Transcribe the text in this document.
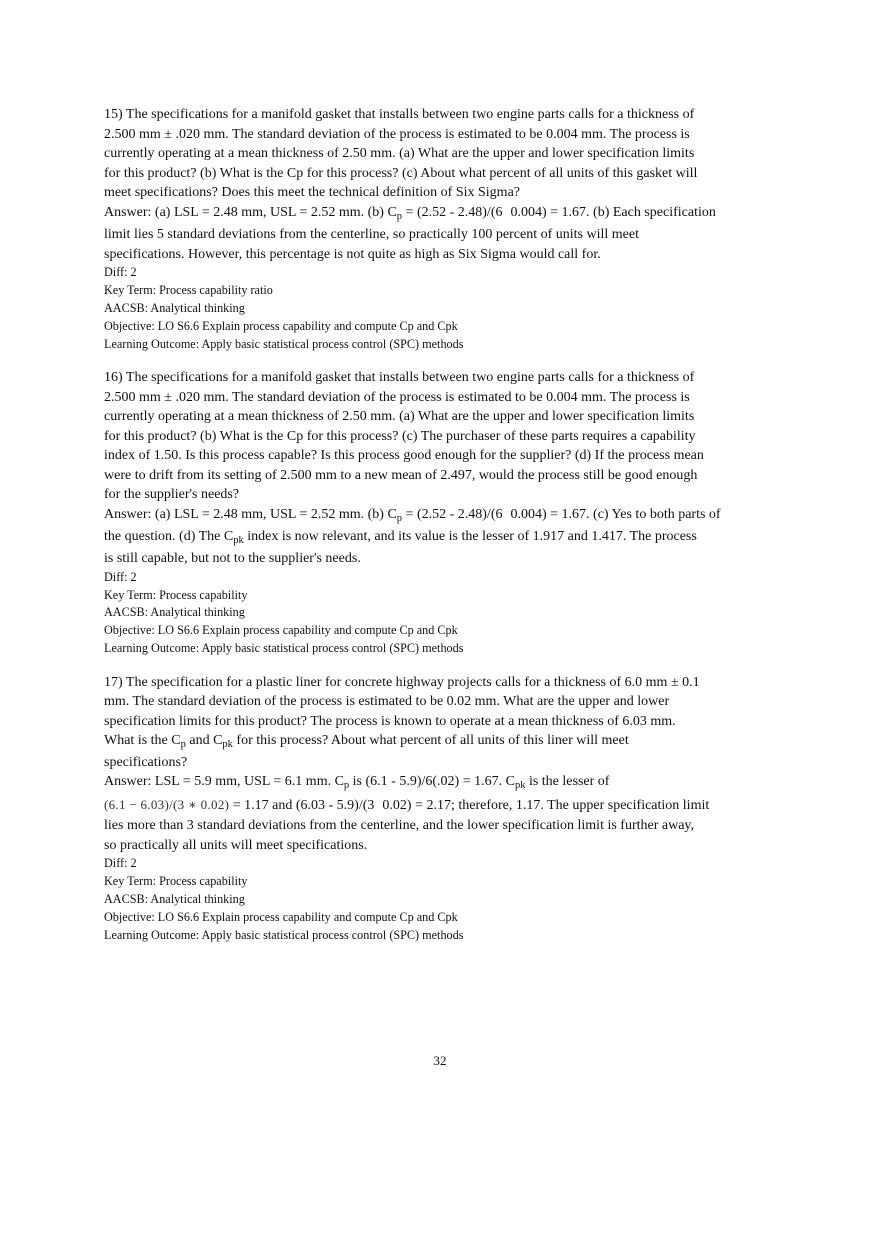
15) The specifications for a manifold gasket that installs between two engine parts calls for a thickness of
2.500 mm ± .020 mm. The standard deviation of the process is estimated to be 0.004 mm. The process is
currently operating at a mean thickness of 2.50 mm. (a) What are the upper and lower specification limits
for this product? (b) What is the Cp for this process? (c) About what percent of all units of this gasket will
meet specifications? Does this meet the technical definition of Six Sigma?
Answer: (a) LSL = 2.48 mm, USL = 2.52 mm. (b) $C_p = (2.52 - 2.48)/(6$ 0.004) = 1.67. (b) Each specification
limit lies 5 standard deviations from the centerline, so practically 100 percent of units will meet
specifications. However, this percentage is not quite as high as Six Sigma would call for.
Diff: 2
Key Term: Process capability ratio
AACSB: Analytical thinking
Objective: LO S6.6 Explain process capability and compute Cp and Cpk
Learning Outcome: Apply basic statistical process control (SPC) methods
16) The specifications for a manifold gasket that installs between two engine parts calls for a thickness of
2.500 mm ± .020 mm. The standard deviation of the process is estimated to be 0.004 mm. The process is
currently operating at a mean thickness of 2.50 mm. (a) What are the upper and lower specification limits
for this product? (b) What is the Cp for this process? (c) The purchaser of these parts requires a capability
index of 1.50. Is this process capable? Is this process good enough for the supplier? (d) If the process mean
were to drift from its setting of 2.500 mm to a new mean of 2.497, would the process still be good enough
for the supplier's needs?
Answer: (a) LSL = 2.48 mm, USL = 2.52 mm. (b) $C_p = (2.52 - 2.48)/(6$ 0.004) = 1.67. (c) Yes to both parts of
the question. (d) The $C_{pk}$ index is now relevant, and its value is the lesser of 1.917 and 1.417. The process
is still capable, but not to the supplier's needs.
Diff: 2
Key Term: Process capability
AACSB: Analytical thinking
Objective: LO S6.6 Explain process capability and compute Cp and Cpk
Learning Outcome: Apply basic statistical process control (SPC) methods
17) The specification for a plastic liner for concrete highway projects calls for a thickness of 6.0 mm ± 0.1
mm. The standard deviation of the process is estimated to be 0.02 mm. What are the upper and lower
specification limits for this product? The process is known to operate at a mean thickness of 6.03 mm.
What is the $C_p$ and $C_{pk}$ for this process? About what percent of all units of this liner will meet
specifications?
Answer: LSL = 5.9 mm, USL = 6.1 mm. $C_p$ is (6.1 - 5.9)/6(.02) = 1.67. $C_{pk}$ is the lesser of
(6.1 − 6.03)/(3 ∗ 0.02) = 1.17 and (6.03 - 5.9)/(3 0.02) = 2.17; therefore, 1.17. The upper specification limit
lies more than 3 standard deviations from the centerline, and the lower specification limit is further away,
so practically all units will meet specifications.
Diff: 2
Key Term: Process capability
AACSB: Analytical thinking
Objective: LO S6.6 Explain process capability and compute Cp and Cpk
Learning Outcome: Apply basic statistical process control (SPC) methods
32
